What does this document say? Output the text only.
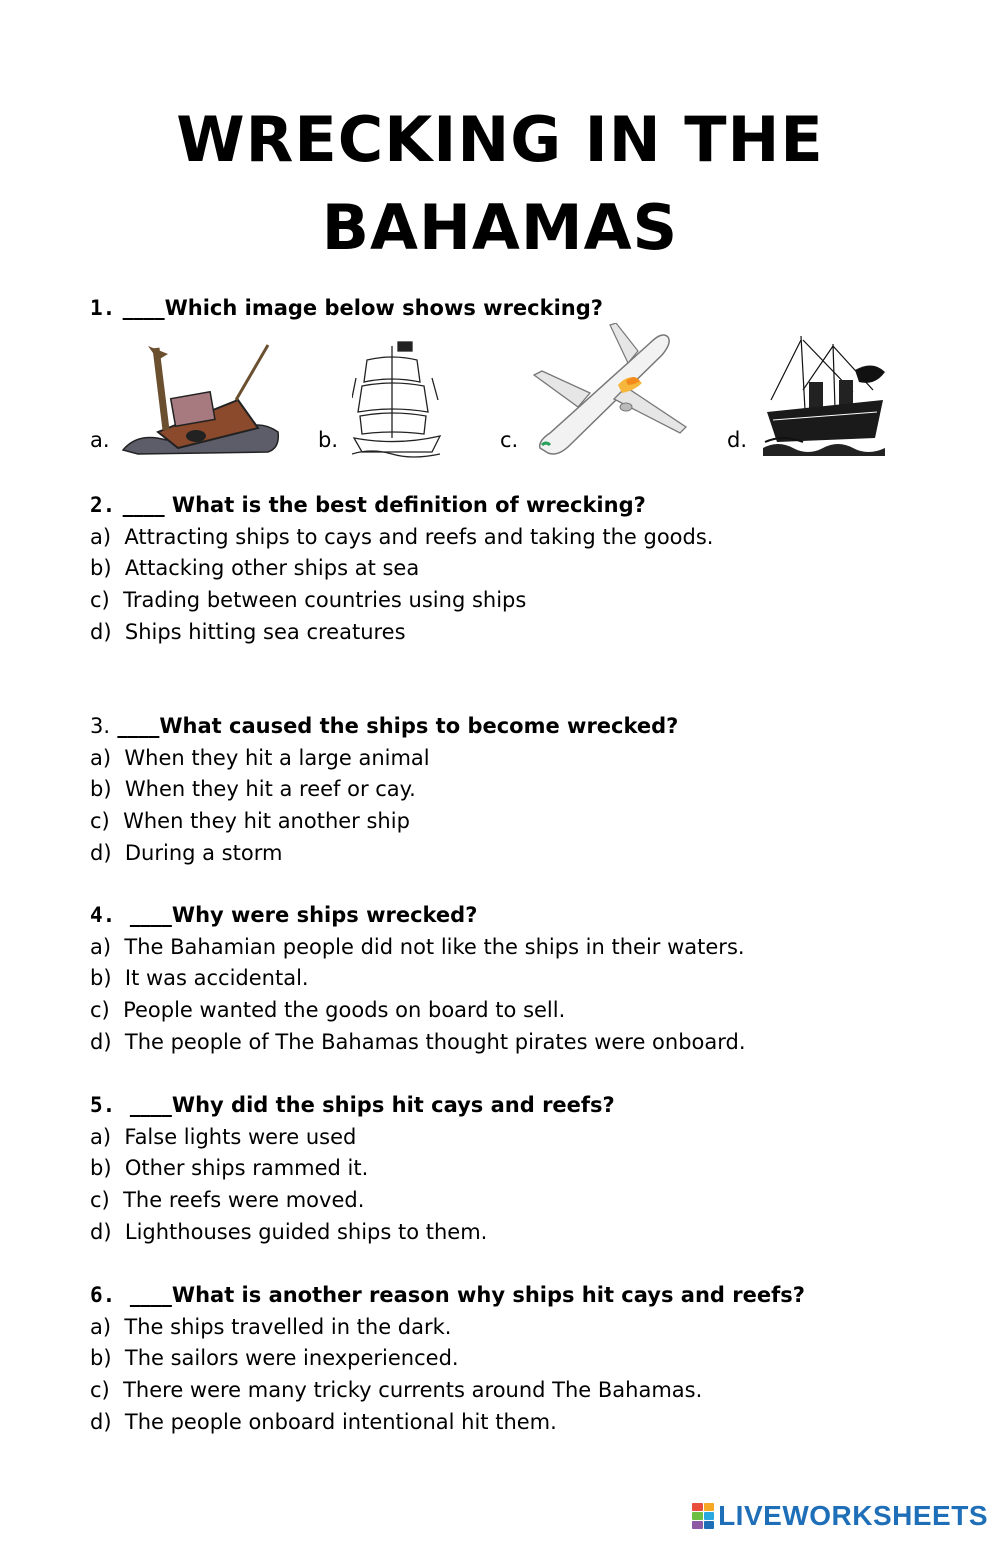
WRECKING IN THE
BAHAMAS
1. ____Which image below shows wrecking?
a.	b.	c.	d.
2. ____ What is the best definition of wrecking?
a)  Attracting ships to cays and reefs and taking the goods.
b)  Attacking other ships at sea
c)  Trading between countries using ships
d)  Ships hitting sea creatures
3. ____What caused the ships to become wrecked?
a)  When they hit a large animal
b)  When they hit a reef or cay.
c)  When they hit another ship
d)  During a storm
4. ____Why were ships wrecked?
a)  The Bahamian people did not like the ships in their waters.
b)  It was accidental.
c)  People wanted the goods on board to sell.
d)  The people of The Bahamas thought pirates were onboard.
5. ____Why did the ships hit cays and reefs?
a)  False lights were used
b)  Other ships rammed it.
c)  The reefs were moved.
d)  Lighthouses guided ships to them.
6. ____What is another reason why ships hit cays and reefs?
a)  The ships travelled in the dark.
b)  The sailors were inexperienced.
c)  There were many tricky currents around The Bahamas.
d)  The people onboard intentional hit them.
LIVEWORKSHEETS
